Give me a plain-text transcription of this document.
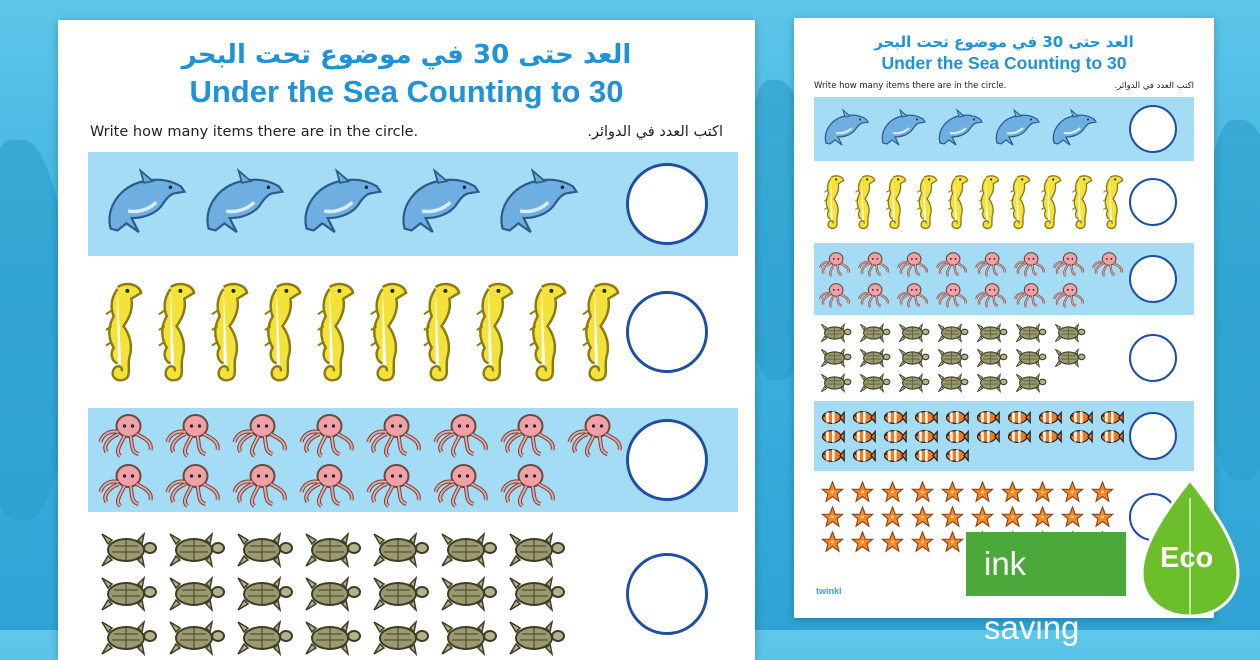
العد حتى 30 في موضوع تحت البحر
Under the Sea Counting to 30
Write how many items there are in the circle.	اكتب العدد في الدوائر.
العد حتى 30 في موضوع تحت البحر
Under the Sea Counting to 30
Write how many items there are in the circle.	اكتب العدد في الدوائر.
twinkl
ink saving
Eco
